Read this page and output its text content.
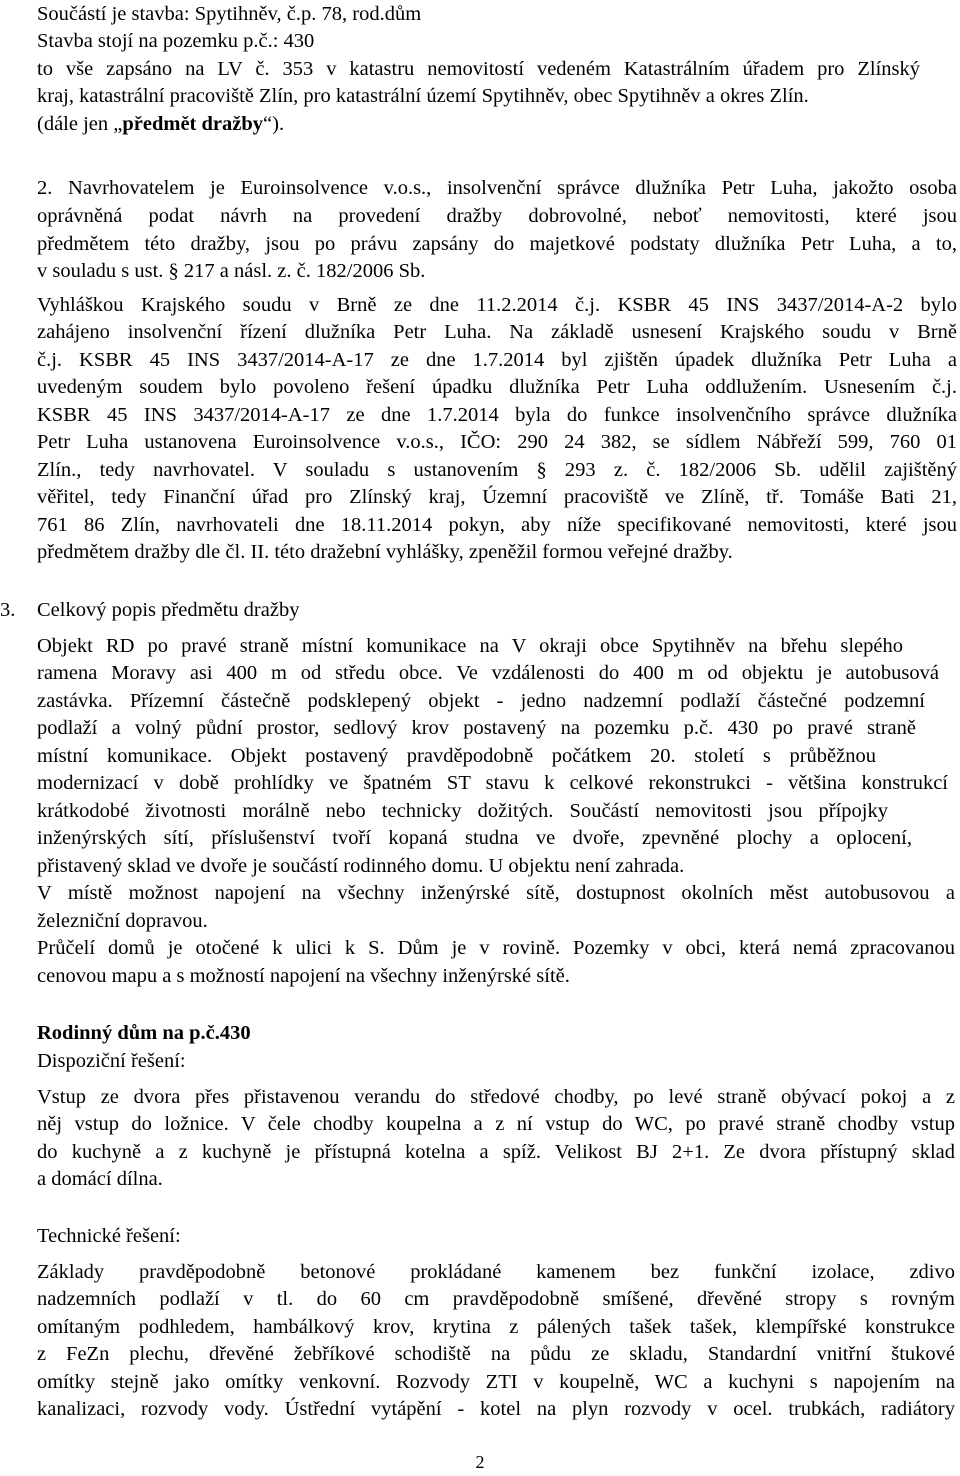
Součástí je stavba: Spytihněv, č.p. 78, rod.dům
Stavba stojí na pozemku p.č.: 430
to vše zapsáno na LV č. 353 v katastru nemovitostí vedeném Katastrálním úřadem pro Zlínský
kraj, katastrální pracoviště Zlín, pro katastrální území Spytihněv, obec Spytihněv a okres Zlín.
(dále jen „předmět dražby“).
2. Navrhovatelem je Euroinsolvence v.o.s., insolvenční správce dlužníka Petr Luha, jakožto osoba
oprávněná podat návrh na provedení dražby dobrovolné, neboť nemovitosti, které jsou
předmětem této dražby, jsou po právu zapsány do majetkové podstaty dlužníka Petr Luha, a to,
v souladu s ust. § 217 a násl. z. č. 182/2006 Sb.
Vyhláškou Krajského soudu v Brně ze dne 11.2.2014 č.j. KSBR 45 INS 3437/2014-A-2 bylo
zahájeno insolvenční řízení dlužníka Petr Luha. Na základě usnesení Krajského soudu v Brně
č.j. KSBR 45 INS 3437/2014-A-17 ze dne 1.7.2014 byl zjištěn úpadek dlužníka Petr Luha a
uvedeným soudem bylo povoleno řešení úpadku dlužníka Petr Luha oddlužením. Usnesením č.j.
KSBR 45 INS 3437/2014-A-17 ze dne 1.7.2014 byla do funkce insolvenčního správce dlužníka
Petr Luha ustanovena Euroinsolvence v.o.s., IČO: 290 24 382, se sídlem Nábřeží 599, 760 01
Zlín., tedy navrhovatel. V souladu s ustanovením § 293 z. č. 182/2006 Sb. udělil zajištěný
věřitel, tedy Finanční úřad pro Zlínský kraj, Územní pracoviště ve Zlíně, tř. Tomáše Bati 21,
761 86 Zlín, navrhovateli dne 18.11.2014 pokyn, aby níže specifikované nemovitosti, které jsou
předmětem dražby dle čl. II. této dražební vyhlášky, zpeněžil formou veřejné dražby.
3. Celkový popis předmětu dražby
Objekt RD po pravé straně místní komunikace na V okraji obce Spytihněv na břehu slepého
ramena Moravy asi 400 m od středu obce. Ve vzdálenosti do 400 m od objektu je autobusová
zastávka. Přízemní částečně podsklepený objekt - jedno nadzemní podlaží částečné podzemní
podlaží a volný půdní prostor, sedlový krov postavený na pozemku p.č. 430 po pravé straně
místní komunikace. Objekt postavený pravděpodobně počátkem 20. století s průběžnou
modernizací v době prohlídky ve špatném ST stavu k celkové rekonstrukci - většina konstrukcí
krátkodobé životnosti morálně nebo technicky dožitých. Součástí nemovitosti jsou přípojky
inženýrských sítí, příslušenství tvoří kopaná studna ve dvoře, zpevněné plochy a oplocení,
přistavený sklad ve dvoře je součástí rodinného domu. U objektu není zahrada.
V místě možnost napojení na všechny inženýrské sítě, dostupnost okolních měst autobusovou a
železniční dopravou.
Průčelí domů je otočené k ulici k S. Dům je v rovině. Pozemky v obci, která nemá zpracovanou
cenovou mapu a s možností napojení na všechny inženýrské sítě.
Rodinný dům na p.č.430
Dispoziční řešení:
Vstup ze dvora přes přistavenou verandu do středové chodby, po levé straně obývací pokoj a z
něj vstup do ložnice. V čele chodby koupelna a z ní vstup do WC, po pravé straně chodby vstup
do kuchyně a z kuchyně je přístupná kotelna a spíž. Velikost BJ 2+1. Ze dvora přístupný sklad
a domácí dílna.
Technické řešení:
Základy pravděpodobně betonové prokládané kamenem bez funkční izolace, zdivo
nadzemních podlaží v tl. do 60 cm pravděpodobně smíšené, dřevěné stropy s rovným
omítaným podhledem, hambálkový krov, krytina z pálených tašek tašek, klempířské konstrukce
z FeZn plechu, dřevěné žebříkové schodiště na půdu ze skladu, Standardní vnitřní štukové
omítky stejně jako omítky venkovní. Rozvody ZTI v koupelně, WC a kuchyni s napojením na
kanalizaci, rozvody vody. Ústřední vytápění - kotel na plyn rozvody v ocel. trubkách, radiátory
2
